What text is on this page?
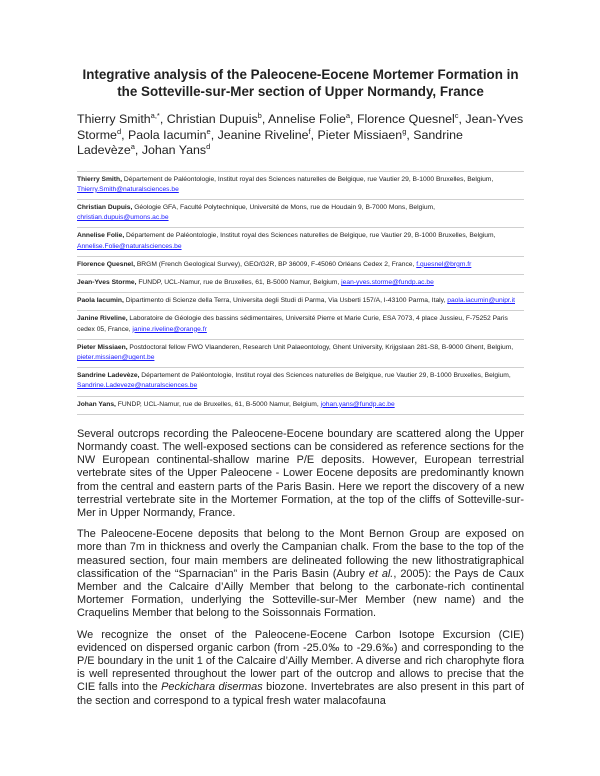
Integrative analysis of the Paleocene-Eocene Mortemer Formation in the Sotteville-sur-Mer section of Upper Normandy, France
Thierry Smith$^{a,*}$, Christian Dupuis$^b$, Annelise Folie$^a$, Florence Quesnel$^c$, Jean-Yves Storme$^d$, Paola Iacumin$^e$, Jeanine Riveline$^f$, Pieter Missiaen$^g$, Sandrine Ladevèze$^a$, Johan Yans$^d$

Thierry Smith, Département de Paléontologie, Institut royal des Sciences naturelles de Belgique, rue Vautier 29, B-1000 Bruxelles, Belgium, Thierry.Smith@naturalsciences.be

Christian Dupuis, Géologie GFA, Faculté Polytechnique, Université de Mons, rue de Houdain 9, B-7000 Mons, Belgium, christian.dupuis@umons.ac.be

Annelise Folie, Département de Paléontologie, Institut royal des Sciences naturelles de Belgique, rue Vautier 29, B-1000 Bruxelles, Belgium, Annelise.Folie@naturalsciences.be

Florence Quesnel, BRGM (French Geological Survey), GEO/G2R, BP 36009, F-45060 Orléans Cedex 2, France, f.quesnel@brgm.fr

Jean-Yves Storme, FUNDP, UCL-Namur, rue de Bruxelles, 61, B-5000 Namur, Belgium, jean-yves.storme@fundp.ac.be

Paola Iacumin, Dipartimento di Scienze della Terra, Universita degli Studi di Parma, Via Usberti 157/A, I-43100 Parma, Italy, paola.iacumin@unipr.it

Janine Riveline, Laboratoire de Géologie des bassins sédimentaires, Université Pierre et Marie Curie, ESA 7073, 4 place Jussieu, F-75252 Paris cedex 05, France, janine.riveline@orange.fr

Pieter Missiaen, Postdoctoral fellow FWO Vlaanderen, Research Unit Palaeontology, Ghent University, Krijgslaan 281-S8, B-9000 Ghent, Belgium, pieter.missiaen@ugent.be

Sandrine Ladevèze, Département de Paléontologie, Institut royal des Sciences naturelles de Belgique, rue Vautier 29, B-1000 Bruxelles, Belgium, Sandrine.Ladeveze@naturalsciences.be

Johan Yans, FUNDP, UCL-Namur, rue de Bruxelles, 61, B-5000 Namur, Belgium, johan.yans@fundp.ac.be

Several outcrops recording the Paleocene-Eocene boundary are scattered along the Upper Normandy coast. The well-exposed sections can be considered as reference sections for the NW European continental-shallow marine P/E deposits. However, European terrestrial vertebrate sites of the Upper Paleocene - Lower Eocene deposits are predominantly known from the central and eastern parts of the Paris Basin. Here we report the discovery of a new terrestrial vertebrate site in the Mortemer Formation, at the top of the cliffs of Sotteville-sur-Mer in Upper Normandy, France.

The Paleocene-Eocene deposits that belong to the Mont Bernon Group are exposed on more than 7m in thickness and overly the Campanian chalk. From the base to the top of the measured section, four main members are delineated following the new lithostratigraphical classification of the “Sparnacian” in the Paris Basin (Aubry et al., 2005): the Pays de Caux Member and the Calcaire d’Ailly Member that belong to the carbonate-rich continental Mortemer Formation, underlying the Sotteville-sur-Mer Member (new name) and the Craquelins Member that belong to the Soissonnais Formation.

We recognize the onset of the Paleocene-Eocene Carbon Isotope Excursion (CIE) evidenced on dispersed organic carbon (from -25.0‰ to -29.6‰) and corresponding to the P/E boundary in the unit 1 of the Calcaire d’Ailly Member. A diverse and rich charophyte flora is well represented throughout the lower part of the outcrop and allows to precise that the CIE falls into the Peckichara disermas biozone. Invertebrates are also present in this part of the section and correspond to a typical fresh water malacofauna
